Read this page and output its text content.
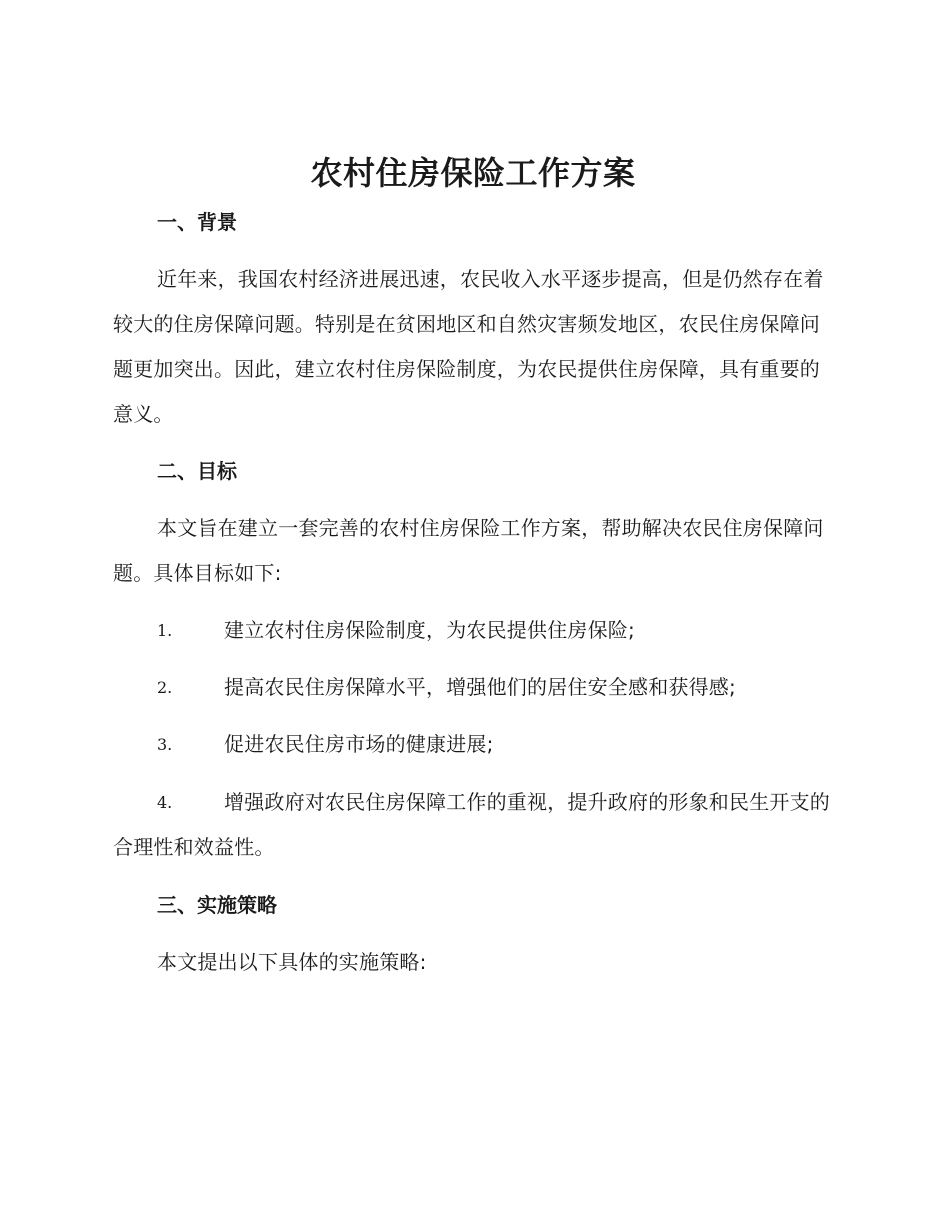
农村住房保险工作方案
一、背景

近年来，我国农村经济进展迅速，农民收入水平逐步提高，但是仍然存在着较大的住房保障问题。特别是在贫困地区和自然灾害频发地区，农民住房保障问题更加突出。因此，建立农村住房保险制度，为农民提供住房保障，具有重要的意义。

二、目标

本文旨在建立一套完善的农村住房保险工作方案，帮助解决农民住房保障问题。具体目标如下:

1.	建立农村住房保险制度，为农民提供住房保险;
2.	提高农民住房保障水平，增强他们的居住安全感和获得感;
3.	促进农民住房市场的健康进展;
4.	增强政府对农民住房保障工作的重视，提升政府的形象和民生开支的合理性和效益性。
三、实施策略

本文提出以下具体的实施策略:
